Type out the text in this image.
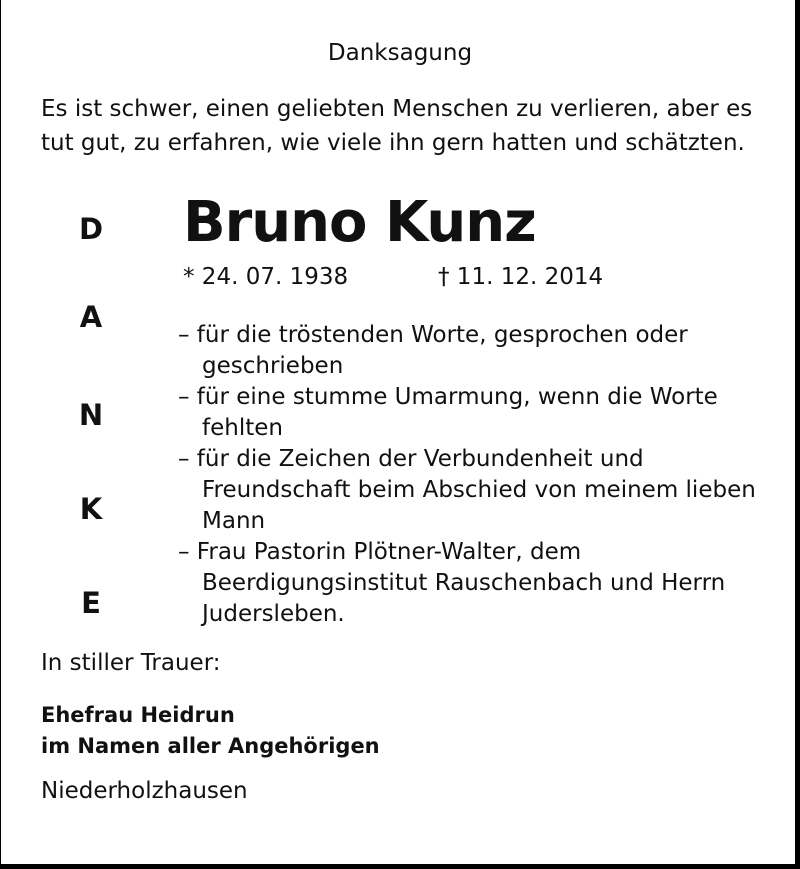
Danksagung
Es ist schwer, einen geliebten Menschen zu verlieren, aber es
tut gut, zu erfahren, wie viele ihn gern hatten und schätzten.
D
A
N
K
E
Bruno Kunz
* 24. 07. 1938	† 11. 12. 2014
– für die tröstenden Worte, gesprochen oder geschrieben
– für eine stumme Umarmung, wenn die Worte fehlten
– für die Zeichen der Verbundenheit und Freundschaft beim Abschied von meinem lieben Mann
– Frau Pastorin Plötner-Walter, dem Beerdigungsinstitut Rauschenbach und Herrn Judersleben.
In stiller Trauer:
Ehefrau Heidrun
im Namen aller Angehörigen
Niederholzhausen
